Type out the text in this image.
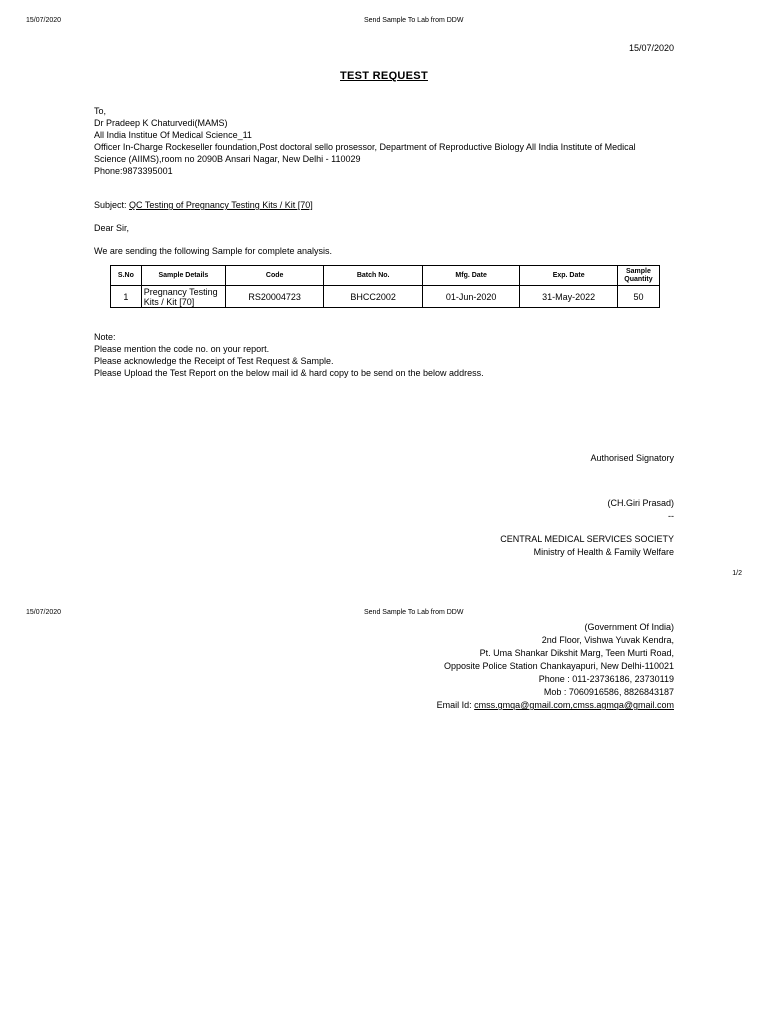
15/07/2020	Send Sample To Lab from DDW
15/07/2020
TEST REQUEST
To,
Dr Pradeep K Chaturvedi(MAMS)
All India Institue Of Medical Science_11
Officer In-Charge Rockeseller foundation,Post doctoral sello prosessor, Department of Reproductive Biology All India Institute of Medical
Science (AIIMS),room no 2090B Ansari Nagar, New Delhi - 110029
Phone:9873395001
Subject: QC Testing of Pregnancy Testing Kits / Kit [70]
Dear Sir,
We are sending the following Sample for complete analysis.
S.No	Sample Details	Code	Batch No.	Mfg. Date	Exp. Date	Sample Quantity
1	Pregnancy Testing Kits / Kit [70]	RS20004723	BHCC2002	01-Jun-2020	31-May-2022	50
Note:
Please mention the code no. on your report.
Please acknowledge the Receipt of Test Request & Sample.
Please Upload the Test Report on the below mail id & hard copy to be send on the below address.
Authorised Signatory
(CH.Giri Prasad)
--
CENTRAL MEDICAL SERVICES SOCIETY
Ministry of Health & Family Welfare
1/2
15/07/2020	Send Sample To Lab from DDW
(Government Of India)
2nd Floor, Vishwa Yuvak Kendra,
Pt. Uma Shankar Dikshit Marg, Teen Murti Road,
Opposite Police Station Chankayapuri, New Delhi-110021
Phone : 011-23736186, 23730119
Mob : 7060916586, 8826843187
Email Id: cmss.gmqa@gmail.com,cmss.agmqa@gmail.com
